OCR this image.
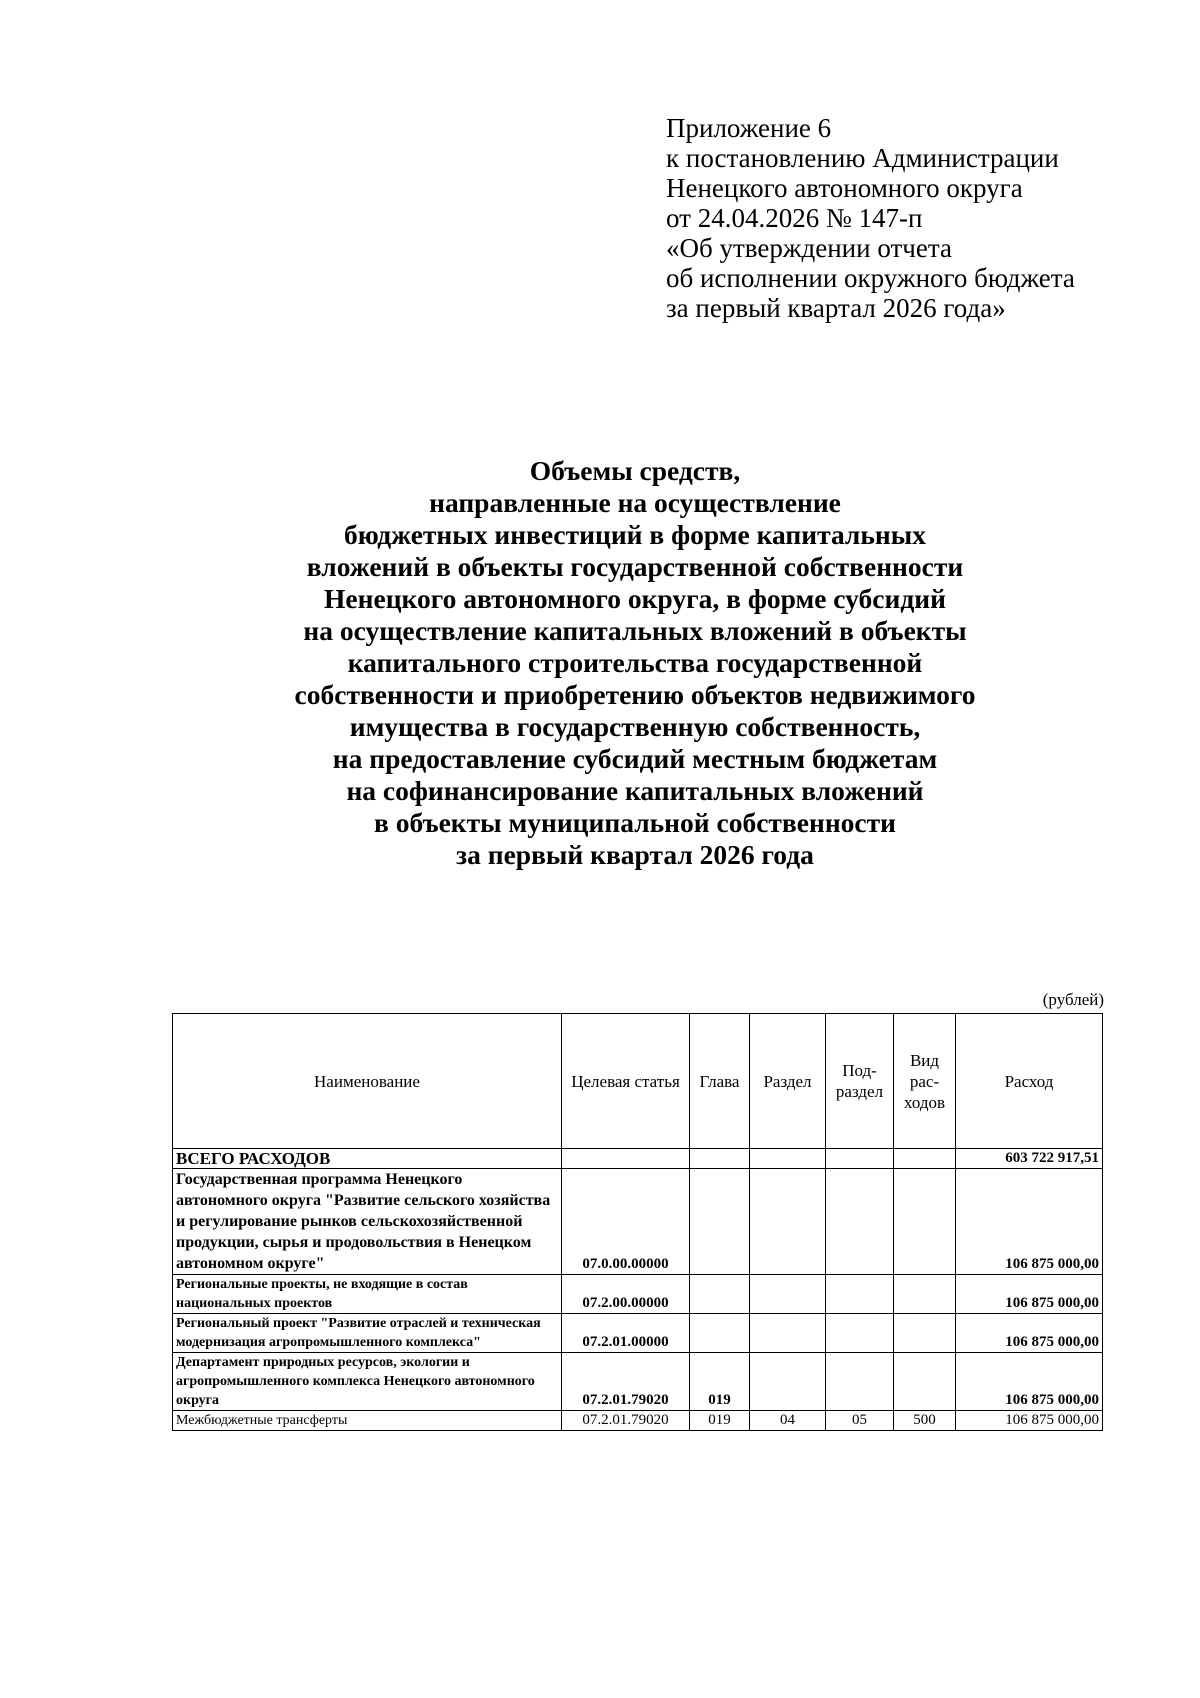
Приложение 6
к постановлению Администрации
Ненецкого автономного округа
от 24.04.2026 № 147-п
«Об утверждении отчета
об исполнении окружного бюджета
за первый квартал 2026 года»
Объемы средств,
направленные на осуществление
бюджетных инвестиций в форме капитальных
вложений в объекты государственной собственности
Ненецкого автономного округа, в форме субсидий
на осуществление капитальных вложений в объекты
капитального строительства государственной
собственности и приобретению объектов недвижимого
имущества в государственную собственность,
на предоставление субсидий местным бюджетам
на софинансирование капитальных вложений
в объекты муниципальной собственности
за первый квартал 2026 года
(рублей)
Наименование	Целевая статья	Глава	Раздел	Под- раздел	Вид рас- ходов	Расход
ВСЕГО РАСХОДОВ						603 722 917,51
Государственная программа Ненецкого автономного округа "Развитие сельского хозяйства и регулирование рынков сельскохозяйственной продукции, сырья и продовольствия в Ненецком автономном округе"	07.0.00.00000					106 875 000,00
Региональные проекты, не входящие в состав национальных проектов	07.2.00.00000					106 875 000,00
Региональный проект "Развитие отраслей и техническая модернизация агропромышленного комплекса"	07.2.01.00000					106 875 000,00
Департамент природных ресурсов, экологии и агропромышленного комплекса Ненецкого автономного округа	07.2.01.79020	019				106 875 000,00
Межбюджетные трансферты	07.2.01.79020	019	04	05	500	106 875 000,00
